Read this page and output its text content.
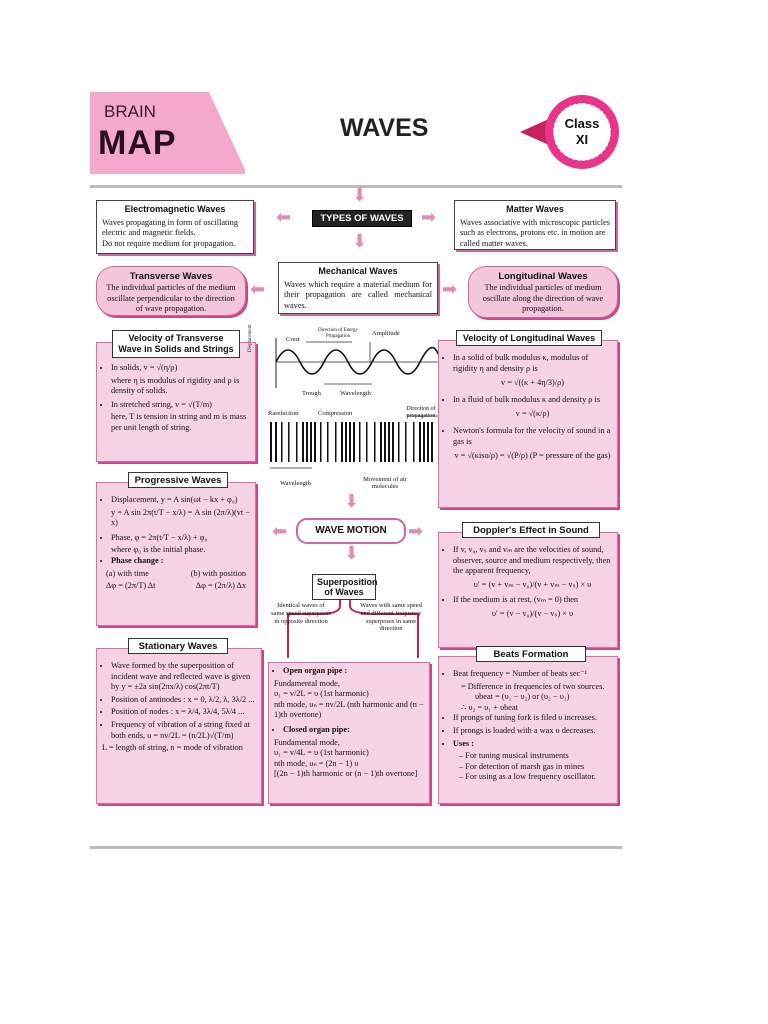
BRAIN
MAP	WAVES	Class
XI
Electromagnetic Waves
Waves propagating in form of oscillating electric and magnetic fields.
Do not require medium for propagation.
⬅	TYPES OF WAVES
⬇
➡	Matter Waves
Waves associative with microscopic particles such as electrons, protons etc. in motion are called matter waves.
⬇
Transverse Waves
The individual particles of the medium oscillate perpendicular to the direction of wave propagation.
⬅
Mechanical Waves
Waves which require a material medium for their propagation are called mechanical waves.
➡
Longitudinal Waves
The individual particles of medium oscillate along the direction of wave propagation.
Velocity of Transverse Wave in Solids and Strings
• In solids, v = √(η/ρ)
where η is modulus of rigidity and ρ is density of solids.
• In stretched string, v = √(T/m)
here, T is tension in string and m is mass per unit length of string.
Displacement	Crest
Direction of Energy Propagation	Amplitude
Trough	Wavelength
Rarefaction	Compression
Direction of propagation
Wavelength
Movement of air molecules
Velocity of Longitudinal Waves
• In a solid of bulk modulus κ, modulus of rigidity η and density ρ is
v = √((κ + 4η/3)/ρ)
• In a fluid of bulk modulus κ and density ρ is
v = √(κ/ρ)
• Newton's formula for the velocity of sound in a gas is
v = √(κiso/ρ) = √(P/ρ) (P = pressure of the gas)
Progressive Waves
• Displacement, y = A sin(ωt − kx + φ₀)
y = A sin 2π(t/T − x/λ) = A sin (2π/λ)(vt − x)
• Phase, φ = 2π(t/T − x/λ) + φ₀
where φ₀ is the initial phase.
• Phase change :
(a) with time	(b) with position
Δφ = (2π/T) Δt	Δφ = (2π/λ) Δx
⬇
⬅	WAVE MOTION	➡
⬇
Doppler's Effect in Sound
• If v, v₀, vₛ and vₘ are the velocities of sound, observer, source and medium respectively, then the apparent frequency,
υ′ = (v + vₘ − v₀)/(v + vₘ − vₛ) × υ
• If the medium is at rest, (vₘ = 0) then
υ′ = (v − v₀)/(v − vₛ) × υ
Superposition of Waves
Identical waves of same speed superposes in opposite direction
Waves with same speed and different frequency superposes in same direction
Stationary Waves
• Wave formed by the superposition of incident wave and reflected wave is given by y = ±2a sin(2πx/λ) cos(2πt/T)
• Position of antinodes : x = 0, λ/2, λ, 3λ/2 ...
• Position of nodes : x = λ/4, 3λ/4, 5λ/4 ...
• Frequency of vibration of a string fixed at both ends, υ = nv/2L = (n/2L)√(T/m)
L = length of string, n = mode of vibration
• Open organ pipe :
Fundamental mode,
υ₁ = v/2L = υ (1st harmonic)
nth mode, υₙ = nv/2L (nth harmonic and (n − 1)th overtone)
• Closed organ pipe:
Fundamental mode,
υ₁ = v/4L = υ (1st harmonic)
nth mode, υₙ = (2n − 1) υ
[(2n − 1)th harmonic or (n − 1)th overtone]
Beats Formation
• Beat frequency = Number of beats sec⁻¹
= Difference in frequencies of two sources.
υbeat = (υ₁ − υ₂) or (υ₂ − υ₁)
∴ υ₂ = υ₁ + υbeat
• If prongs of tuning fork is filed υ increases.
• If prongs is loaded with a wax υ decreases.
• Uses :
– For tuning musical instruments
– For detection of marsh gas in mines
– For using as a low frequency oscillator.
